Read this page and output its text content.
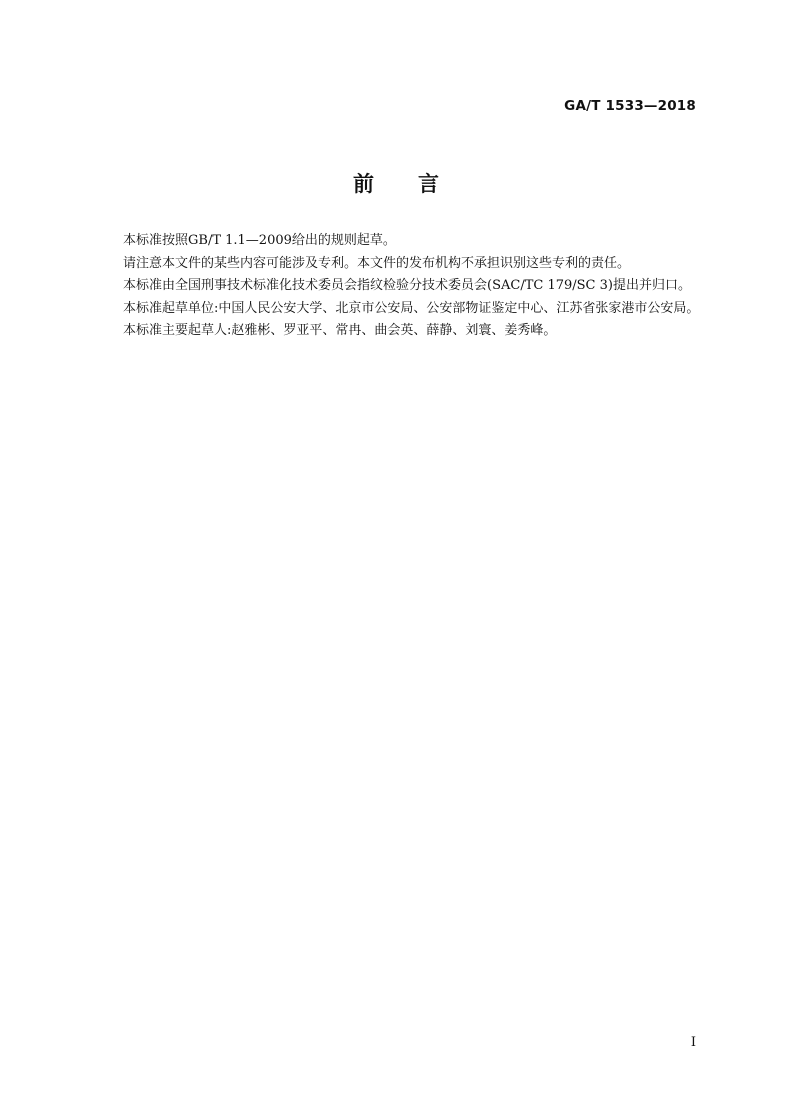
GA/T 1533—2018
前 言

本标准按照GB/T 1.1—2009给出的规则起草。

请注意本文件的某些内容可能涉及专利。本文件的发布机构不承担识别这些专利的责任。

本标准由全国刑事技术标准化技术委员会指纹检验分技术委员会(SAC/TC 179/SC 3)提出并归口。

本标准起草单位:中国人民公安大学、北京市公安局、公安部物证鉴定中心、江苏省张家港市公安局。

本标准主要起草人:赵雅彬、罗亚平、常冉、曲会英、薛静、刘寰、姜秀峰。

I
